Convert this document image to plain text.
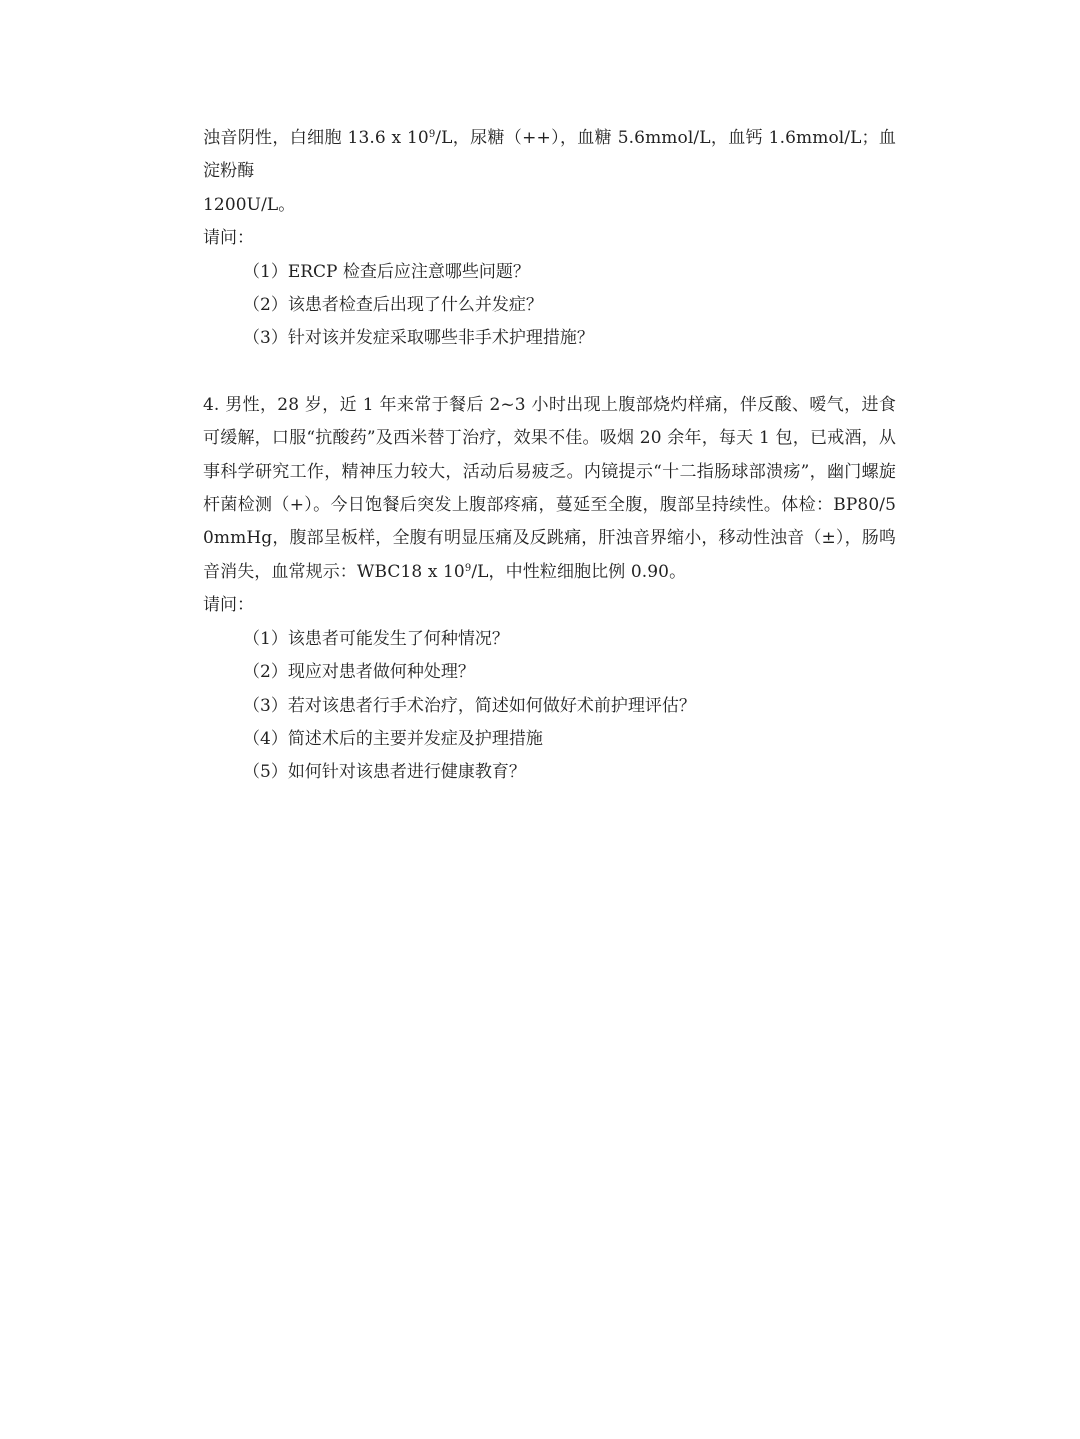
浊音阴性，白细胞 13.6 x $10^9/L$，尿糖（++），血糖 5.6mmol/L，血钙 1.6mmol/L；血淀粉酶
1200U/L。

请问：

（1）ERCP 检查后应注意哪些问题？

（2）该患者检查后出现了什么并发症？

（3）针对该并发症采取哪些非手术护理措施？

4. 男性，28 岁，近 1 年来常于餐后 2~3 小时出现上腹部烧灼样痛，伴反酸、嗳气，进食可缓解，口服“抗酸药”及西米替丁治疗，效果不佳。吸烟 20 余年，每天 1 包，已戒酒，从事科学研究工作，精神压力较大，活动后易疲乏。内镜提示“十二指肠球部溃疡”，幽门螺旋杆菌检测（+）。今日饱餐后突发上腹部疼痛，蔓延至全腹，腹部呈持续性。体检：BP80/50mmHg，腹部呈板样，全腹有明显压痛及反跳痛，肝浊音界缩小，移动性浊音（±），肠鸣音消失，血常规示：WBC18 x $10^9/L$，中性粒细胞比例 0.90。

请问：

（1）该患者可能发生了何种情况？

（2）现应对患者做何种处理？

（3）若对该患者行手术治疗，简述如何做好术前护理评估？

（4）简述术后的主要并发症及护理措施

（5）如何针对该患者进行健康教育？
